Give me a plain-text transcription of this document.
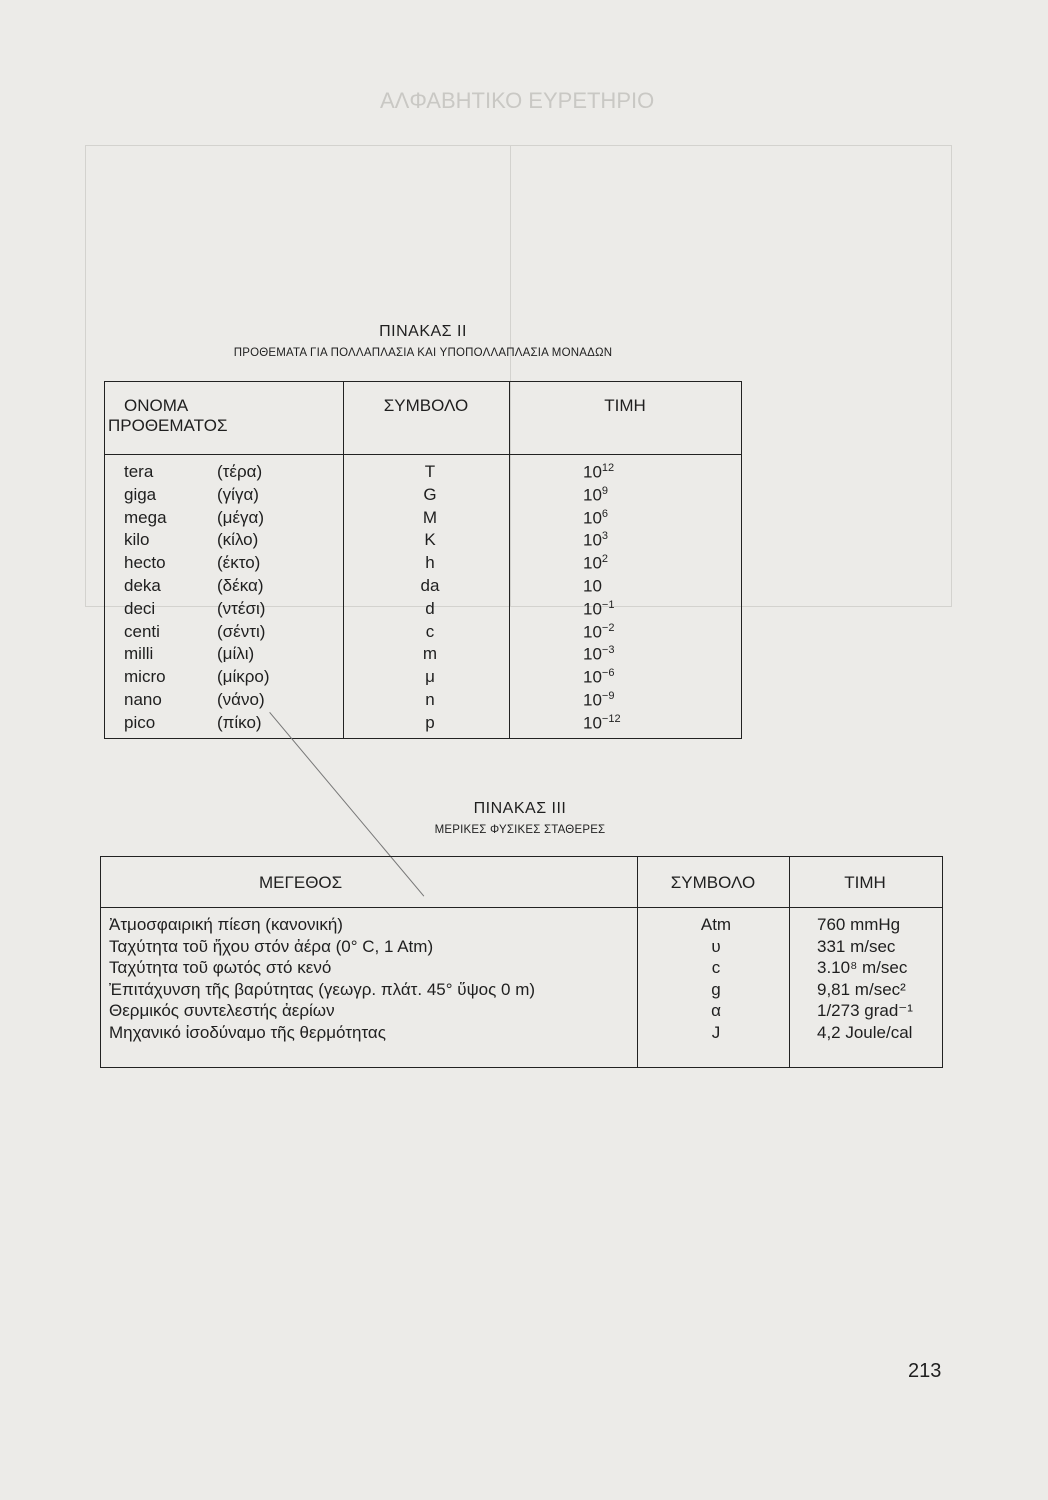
ΑΛΦΑΒΗΤΙΚΟ ΕΥΡΕΤΗΡΙΟ
ΠΙΝΑΚΑΣ ΙΙ
ΠΡΟΘΕΜΑΤΑ ΓΙΑ ΠΟΛΛΑΠΛΑΣΙΑ ΚΑΙ ΥΠΟΠΟΛΛΑΠΛΑΣΙΑ ΜΟΝΑΔΩΝ
ΟΝΟΜΑ
ΠΡΟΘΕΜΑΤΟΣ
ΣΥΜΒΟΛΟ	ΤΙΜΗ
tera	(τέρα)	T	$10^{12}$
giga	(γίγα)	G	$10^9$
mega	(μέγα)	M	$10^6$
kilo	(κίλο)	K	$10^3$
hecto	(έκτο)	h	$10^2$
deka	(δέκα)	da	10
deci	(ντέσι)	d	$10^{-1}$
centi	(σέντι)	c	$10^{-2}$
milli	(μίλι)	m	$10^{-3}$
micro	(μίκρο)	μ	$10^{-6}$
nano	(νάνο)	n	$10^{-9}$
pico	(πίκο)	p	$10^{-12}$
ΠΙΝΑΚΑΣ ΙΙΙ
ΜΕΡΙΚΕΣ ΦΥΣΙΚΕΣ ΣΤΑΘΕΡΕΣ
ΜΕΓΕΘΟΣ	ΣΥΜΒΟΛΟ	ΤΙΜΗ
Ἀτμοσφαιρική πίεση (κανονική)	Atm	760 mmHg
Ταχύτητα τοῦ ἤχου στόν ἀέρα (0° C, 1 Atm)	υ	331 m/sec
Ταχύτητα τοῦ φωτός στό κενό	c	3.10⁸ m/sec
Ἐπιτάχυνση τῆς βαρύτητας (γεωγρ. πλάτ. 45° ὕψος 0 m)	g	9,81 m/sec²
Θερμικός συντελεστής ἀερίων	α	1/273 grad⁻¹
Μηχανικό ἰσοδύναμο τῆς θερμότητας	J	4,2 Joule/cal
213
